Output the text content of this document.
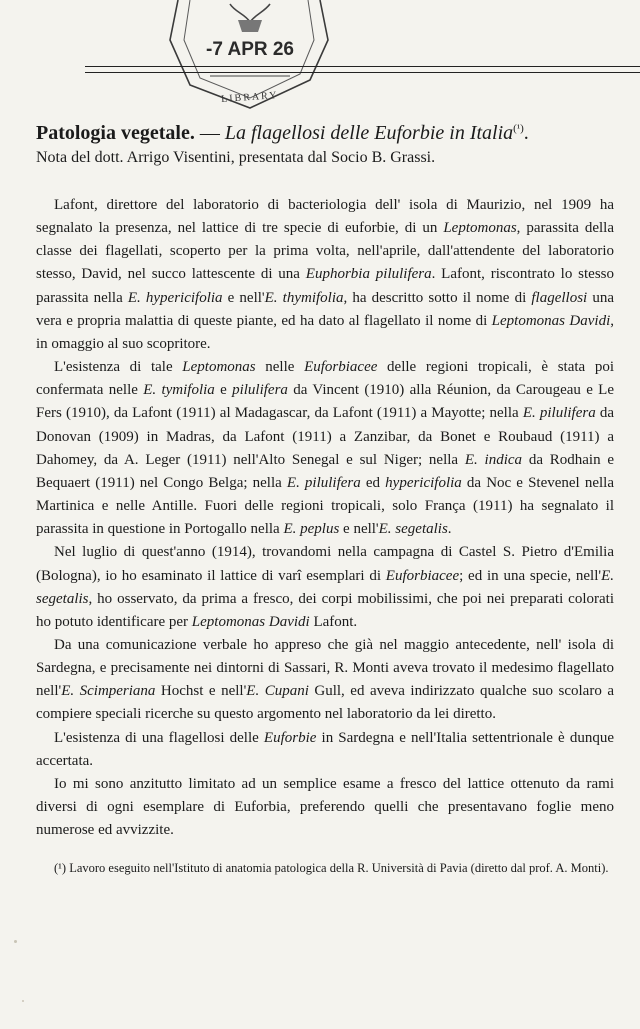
-7 APR 26
LIBRARY
Patologia vegetale. — La flagellosi delle Euforbie in Italia$^{(^1)}$.
Nota del dott. Arrigo Visentini, presentata dal Socio B. Grassi.

Lafont, direttore del laboratorio di bacteriologia dell' isola di Maurizio, nel 1909 ha segnalato la presenza, nel lattice di tre specie di euforbie, di un Leptomonas, parassita della classe dei flagellati, scoperto per la prima volta, nell'aprile, dall'attendente del laboratorio stesso, David, nel succo lattescente di una Euphorbia pilulifera. Lafont, riscontrato lo stesso parassita nella E. hypericifolia e nell'E. thymifolia, ha descritto sotto il nome di flagellosi una vera e propria malattia di queste piante, ed ha dato al flagellato il nome di Leptomonas Davidi, in omaggio al suo scopritore.

L'esistenza di tale Leptomonas nelle Euforbiacee delle regioni tropicali, è stata poi confermata nelle E. tymifolia e pilulifera da Vincent (1910) alla Réunion, da Carougeau e Le Fers (1910), da Lafont (1911) al Madagascar, da Lafont (1911) a Mayotte; nella E. pilulifera da Donovan (1909) in Madras, da Lafont (1911) a Zanzibar, da Bonet e Roubaud (1911) a Dahomey, da A. Leger (1911) nell'Alto Senegal e sul Niger; nella E. indica da Rodhain e Bequaert (1911) nel Congo Belga; nella E. pilulifera ed hypericifolia da Noc e Stevenel nella Martinica e nelle Antille. Fuori delle regioni tropicali, solo França (1911) ha segnalato il parassita in questione in Portogallo nella E. peplus e nell'E. segetalis.

Nel luglio di quest'anno (1914), trovandomi nella campagna di Castel S. Pietro d'Emilia (Bologna), io ho esaminato il lattice di varî esemplari di Euforbiacee; ed in una specie, nell'E. segetalis, ho osservato, da prima a fresco, dei corpi mobilissimi, che poi nei preparati colorati ho potuto identificare per Leptomonas Davidi Lafont.

Da una comunicazione verbale ho appreso che già nel maggio antecedente, nell' isola di Sardegna, e precisamente nei dintorni di Sassari, R. Monti aveva trovato il medesimo flagellato nell'E. Scimperiana Hochst e nell'E. Cupani Gull, ed aveva indirizzato qualche suo scolaro a compiere speciali ricerche su questo argomento nel laboratorio da lei diretto.

L'esistenza di una flagellosi delle Euforbie in Sardegna e nell'Italia settentrionale è dunque accertata.

Io mi sono anzitutto limitato ad un semplice esame a fresco del lattice ottenuto da rami diversi di ogni esemplare di Euforbia, preferendo quelli che presentavano foglie meno numerose ed avvizzite.

(¹) Lavoro eseguito nell'Istituto di anatomia patologica della R. Università di Pavia (diretto dal prof. A. Monti).
